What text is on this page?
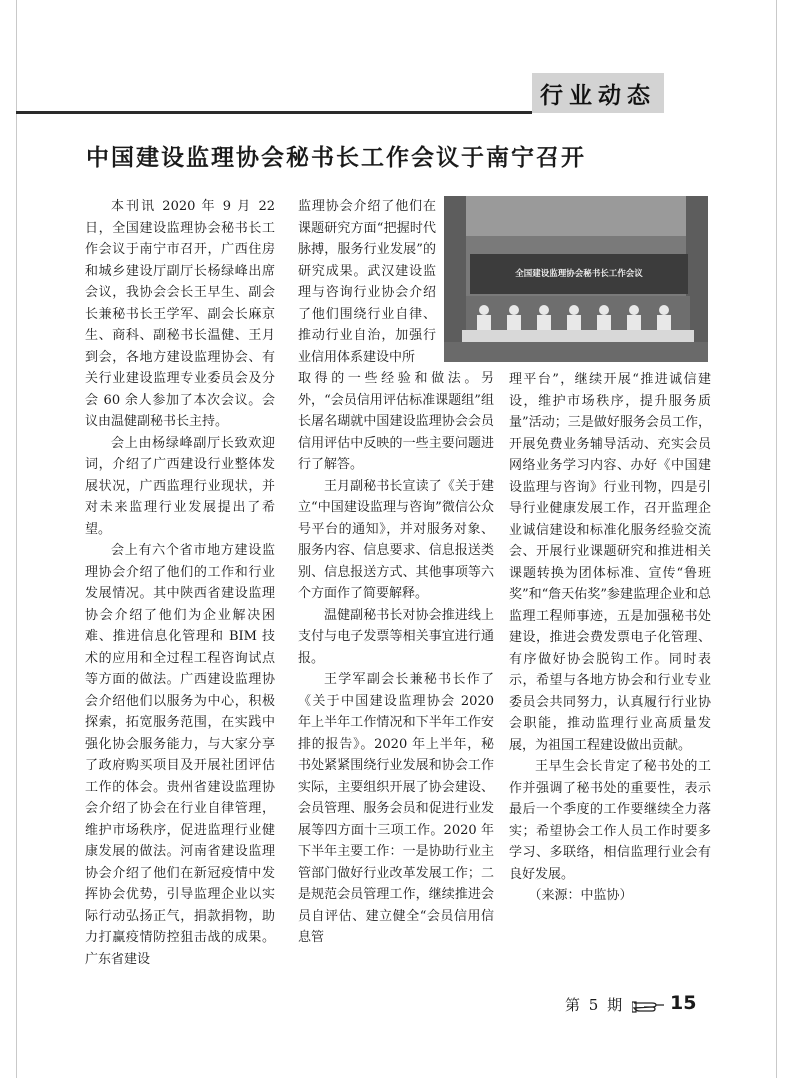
行业动态
中国建设监理协会秘书长工作会议于南宁召开

本刊讯 2020 年 9 月 22 日，全国建设监理协会秘书长工作会议于南宁市召开，广西住房和城乡建设厅副厅长杨绿峰出席会议，我协会会长王早生、副会长兼秘书长王学军、副会长麻京生、商科、副秘书长温健、王月到会，各地方建设监理协会、有关行业建设监理专业委员会及分会 60 余人参加了本次会议。会议由温健副秘书长主持。

会上由杨绿峰副厅长致欢迎词，介绍了广西建设行业整体发展状况，广西监理行业现状，并对未来监理行业发展提出了希望。

会上有六个省市地方建设监理协会介绍了他们的工作和行业发展情况。其中陕西省建设监理协会介绍了他们为企业解决困难、推进信息化管理和 BIM 技术的应用和全过程工程咨询试点等方面的做法。广西建设监理协会介绍他们以服务为中心，积极探索，拓宽服务范围，在实践中强化协会服务能力，与大家分享了政府购买项目及开展社团评估工作的体会。贵州省建设监理协会介绍了协会在行业自律管理，维护市场秩序，促进监理行业健康发展的做法。河南省建设监理协会介绍了他们在新冠疫情中发挥协会优势，引导监理企业以实际行动弘扬正气，捐款捐物，助力打赢疫情防控狙击战的成果。广东省建设

监理协会介绍了他们在课题研究方面“把握时代脉搏，服务行业发展”的研究成果。武汉建设监理与咨询行业协会介绍了他们围绕行业自律、推动行业自治，加强行业信用体系建设中所

取得的一些经验和做法。另外，“会员信用评估标准课题组”组长屠名瑚就中国建设监理协会会员信用评估中反映的一些主要问题进行了解答。

王月副秘书长宣读了《关于建立“中国建设监理与咨询”微信公众号平台的通知》，并对服务对象、服务内容、信息要求、信息报送类别、信息报送方式、其他事项等六个方面作了简要解释。

温健副秘书长对协会推进线上支付与电子发票等相关事宜进行通报。

王学军副会长兼秘书长作了《关于中国建设监理协会 2020 年上半年工作情况和下半年工作安排的报告》。2020 年上半年，秘书处紧紧围绕行业发展和协会工作实际，主要组织开展了协会建设、会员管理、服务会员和促进行业发展等四方面十三项工作。2020 年下半年主要工作：一是协助行业主管部门做好行业改革发展工作；二是规范会员管理工作，继续推进会员自评估、建立健全“会员信用信息管

全国建设监理协会秘书长工作会议

理平台”，继续开展“推进诚信建设，维护市场秩序，提升服务质量”活动；三是做好服务会员工作，开展免费业务辅导活动、充实会员网络业务学习内容、办好《中国建设监理与咨询》行业刊物，四是引导行业健康发展工作，召开监理企业诚信建设和标准化服务经验交流会、开展行业课题研究和推进相关课题转换为团体标准、宣传“鲁班奖”和“詹天佑奖”参建监理企业和总监理工程师事迹，五是加强秘书处建设，推进会费发票电子化管理、有序做好协会脱钩工作。同时表示，希望与各地方协会和行业专业委员会共同努力，认真履行行业协会职能，推动监理行业高质量发展，为祖国工程建设做出贡献。

王早生会长肯定了秘书处的工作并强调了秘书处的重要性，表示最后一个季度的工作要继续全力落实；希望协会工作人员工作时要多学习、多联络，相信监理行业会有良好发展。

（来源：中监协）

第 5 期 15
